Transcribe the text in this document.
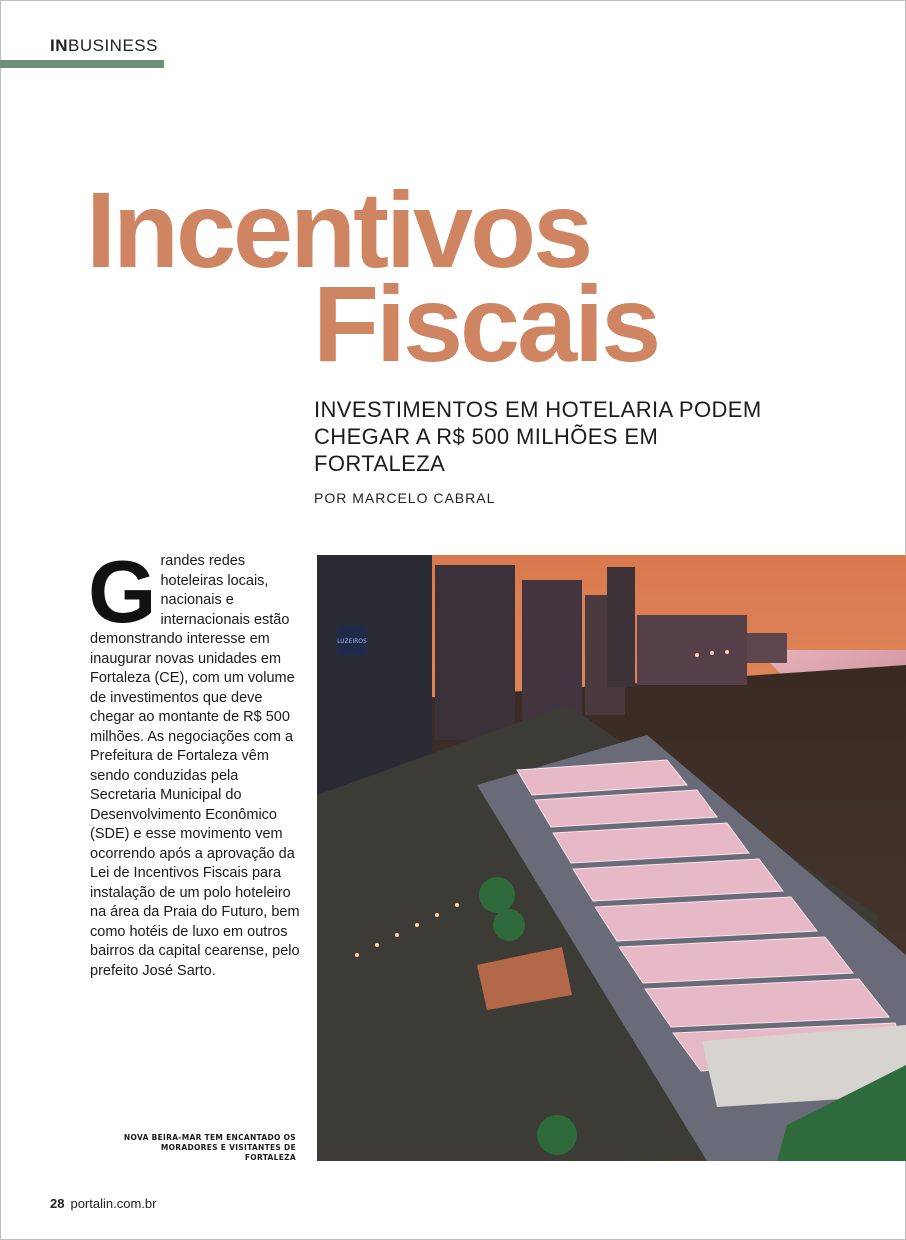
INBUSINESS
Incentivos
Fiscais
INVESTIMENTOS EM HOTELARIA PODEM CHEGAR A R$ 500 MILHÕES EM FORTALEZA
POR MARCELO CABRAL
Grandes redes hoteleiras locais, nacionais e internacionais estão demonstrando interesse em inaugurar novas unidades em Fortaleza (CE), com um volume de investimentos que deve chegar ao montante de R$ 500 milhões. As negociações com a Prefeitura de Fortaleza vêm sendo conduzidas pela Secretaria Municipal do Desenvolvimento Econômico (SDE) e esse movimento vem ocorrendo após a aprovação da Lei de Incentivos Fiscais para instalação de um polo hoteleiro na área da Praia do Futuro, bem como hotéis de luxo em outros bairros da capital cearense, pelo prefeito José Sarto.
LUZEIROS
NOVA BEIRA-MAR TEM ENCANTADO OS MORADORES E VISITANTES DE FORTALEZA
28 portalin.com.br
